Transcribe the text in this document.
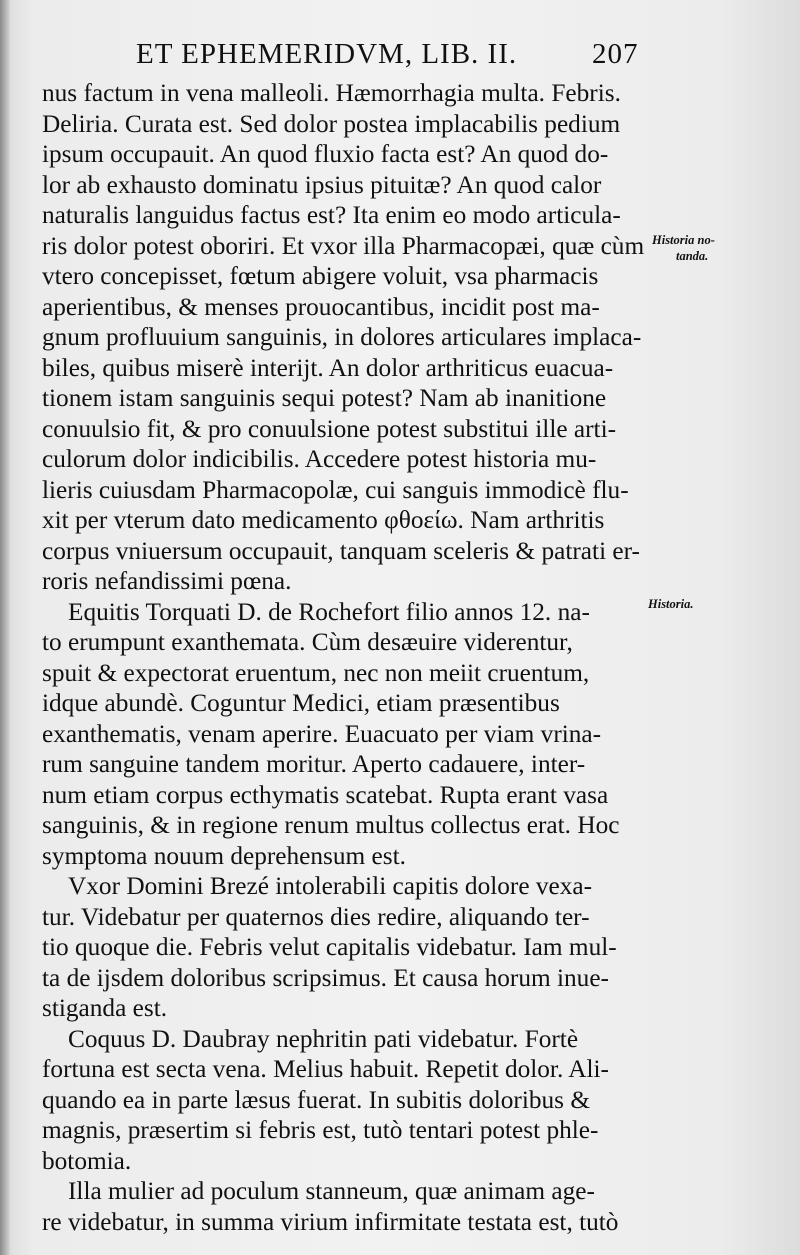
ET EPHEMERIDVM, LIB. II.	207
nus factum in vena malleoli. Hæmorrhagia multa. Febris.
Deliria. Curata est. Sed dolor postea implacabilis pedium
ipsum occupauit. An quod fluxio facta est? An quod do-
lor ab exhausto dominatu ipsius pituitæ? An quod calor
naturalis languidus factus est? Ita enim eo modo articula-
ris dolor potest oboriri. Et vxor illa Pharmacopæi, quæ cùm
vtero concepisset, fœtum abigere voluit, vsa pharmacis
aperientibus, & menses prouocantibus, incidit post ma-
gnum profluuium sanguinis, in dolores articulares implaca-
biles, quibus miserè interijt. An dolor arthriticus euacua-
tionem istam sanguinis sequi potest? Nam ab inanitione
conuulsio fit, & pro conuulsione potest substitui ille arti-
culorum dolor indicibilis. Accedere potest historia mu-
lieris cuiusdam Pharmacopolæ, cui sanguis immodicè flu-
xit per vterum dato medicamento φθοείω. Nam arthritis
corpus vniuersum occupauit, tanquam sceleris & patrati er-
roris nefandissimi pœna.
Equitis Torquati D. de Rochefort filio annos 12. na-
to erumpunt exanthemata. Cùm desæuire viderentur,
spuit & expectorat eruentum, nec non meiit cruentum,
idque abundè. Coguntur Medici, etiam præsentibus
exanthematis, venam aperire. Euacuato per viam vrina-
rum sanguine tandem moritur. Aperto cadauere, inter-
num etiam corpus ecthymatis scatebat. Rupta erant vasa
sanguinis, & in regione renum multus collectus erat. Hoc
symptoma nouum deprehensum est.
Vxor Domini Brezé intolerabili capitis dolore vexa-
tur. Videbatur per quaternos dies redire, aliquando ter-
tio quoque die. Febris velut capitalis videbatur. Iam mul-
ta de ijsdem doloribus scripsimus. Et causa horum inue-
stiganda est.
Coquus D. Daubray nephritin pati videbatur. Fortè
fortuna est secta vena. Melius habuit. Repetit dolor. Ali-
quando ea in parte læsus fuerat. In subitis doloribus &
magnis, præsertim si febris est, tutò tentari potest phle-
botomia.
Illa mulier ad poculum stanneum, quæ animam age-
re videbatur, in summa virium infirmitate testata est, tutò
Historia no-
tanda.
Historia.
